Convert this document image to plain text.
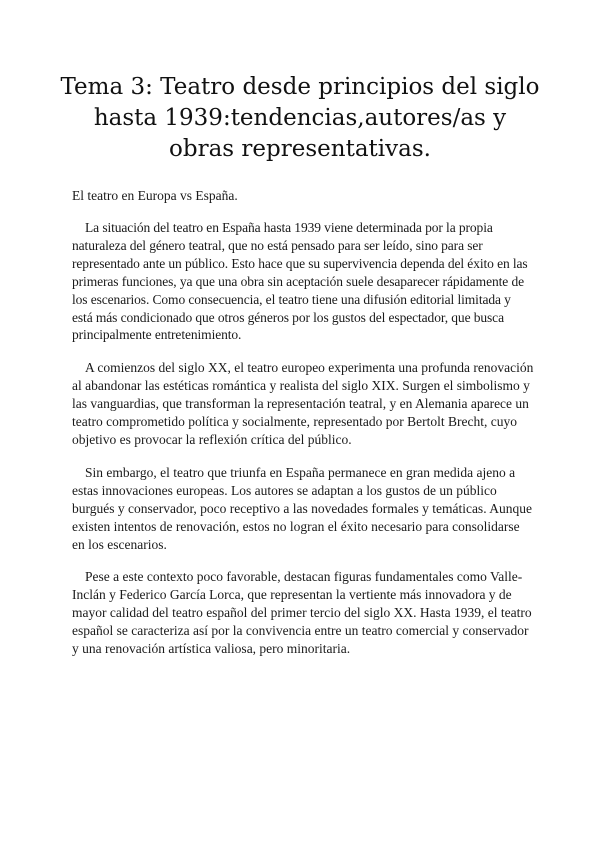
Tema 3: Teatro desde principios del siglo hasta 1939:tendencias,autores/as y obras representativas.

El teatro en Europa vs España.

La situación del teatro en España hasta 1939 viene determinada por la propia naturaleza del género teatral, que no está pensado para ser leído, sino para ser representado ante un público. Esto hace que su supervivencia dependa del éxito en las primeras funciones, ya que una obra sin aceptación suele desaparecer rápidamente de los escenarios. Como consecuencia, el teatro tiene una difusión editorial limitada y está más condicionado que otros géneros por los gustos del espectador, que busca principalmente entretenimiento.

A comienzos del siglo XX, el teatro europeo experimenta una profunda renovación al abandonar las estéticas romántica y realista del siglo XIX. Surgen el simbolismo y las vanguardias, que transforman la representación teatral, y en Alemania aparece un teatro comprometido política y socialmente, representado por Bertolt Brecht, cuyo objetivo es provocar la reflexión crítica del público.

Sin embargo, el teatro que triunfa en España permanece en gran medida ajeno a estas innovaciones europeas. Los autores se adaptan a los gustos de un público burgués y conservador, poco receptivo a las novedades formales y temáticas. Aunque existen intentos de renovación, estos no logran el éxito necesario para consolidarse en los escenarios.

Pese a este contexto poco favorable, destacan figuras fundamentales como Valle-Inclán y Federico García Lorca, que representan la vertiente más innovadora y de mayor calidad del teatro español del primer tercio del siglo XX. Hasta 1939, el teatro español se caracteriza así por la convivencia entre un teatro comercial y conservador y una renovación artística valiosa, pero minoritaria.
